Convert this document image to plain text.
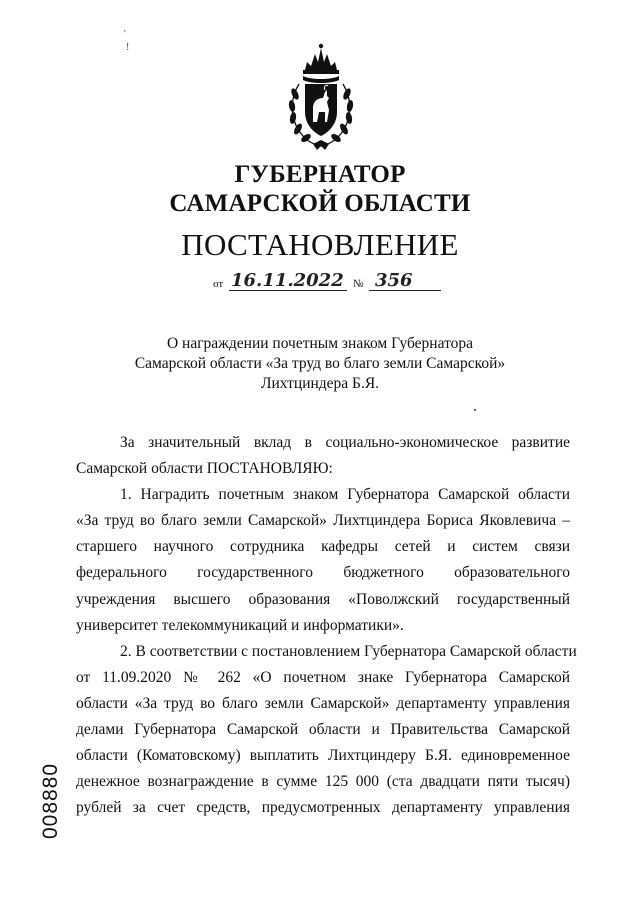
'
!
ГУБЕРНАТОР
САМАРСКОЙ ОБЛАСТИ
ПОСТАНОВЛЕНИЕ
от 16.11.2022 № 356
О награждении почетным знаком Губернатора
Самарской области «За труд во благо земли Самарской»
Лихтциндера Б.Я.
За значительный вклад в социально-экономическое развитие
Самарской области ПОСТАНОВЛЯЮ:
1. Наградить почетным знаком Губернатора Самарской области
«За труд во благо земли Самарской» Лихтциндера Бориса Яковлевича –
старшего научного сотрудника кафедры сетей и систем связи
федерального государственного бюджетного образовательного
учреждения высшего образования «Поволжский государственный
университет телекоммуникаций и информатики».
2. В соответствии с постановлением Губернатора Самарской области
от 11.09.2020 № 262 «О почетном знаке Губернатора Самарской
области «За труд во благо земли Самарской» департаменту управления
делами Губернатора Самарской области и Правительства Самарской
области (Коматовскому) выплатить Лихтциндеру Б.Я. единовременное
денежное вознаграждение в сумме 125 000 (ста двадцати пяти тысяч)
рублей за счет средств, предусмотренных департаменту управления
008880
